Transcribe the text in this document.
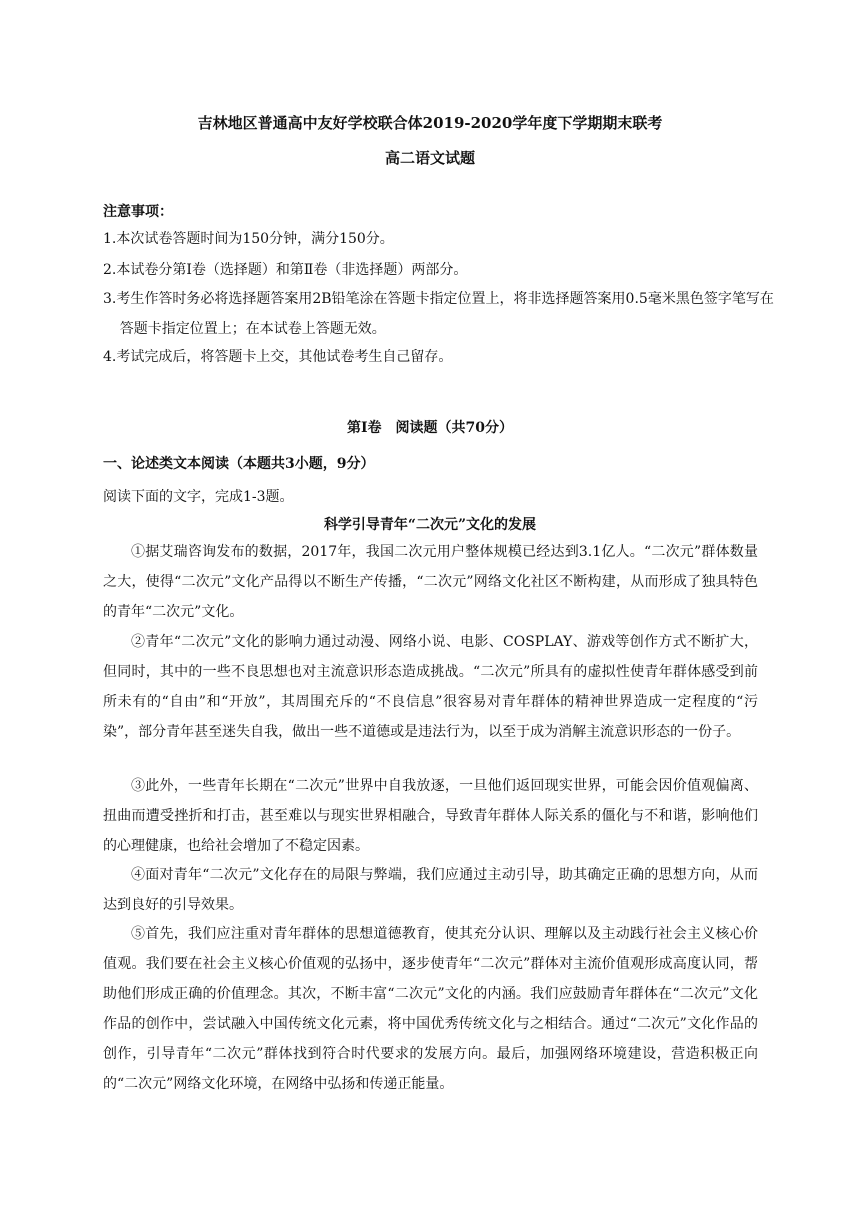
吉林地区普通高中友好学校联合体2019-2020学年度下学期期末联考
高二语文试题
注意事项：

1.本次试卷答题时间为150分钟，满分150分。

2.本试卷分第Ⅰ卷（选择题）和第Ⅱ卷（非选择题）两部分。

3.考生作答时务必将选择题答案用2B铅笔涂在答题卡指定位置上，将非选择题答案用0.5毫米黑色签字笔写在答题卡指定位置上；在本试卷上答题无效。

4.考试完成后，将答题卡上交，其他试卷考生自己留存。

第Ⅰ卷　阅读题（共70分）
一、论述类文本阅读（本题共3小题，9分）
阅读下面的文字，完成1-3题。
科学引导青年“二次元”文化的发展

①据艾瑞咨询发布的数据，2017年，我国二次元用户整体规模已经达到3.1亿人。“二次元”群体数量之大，使得“二次元”文化产品得以不断生产传播，“二次元”网络文化社区不断构建，从而形成了独具特色的青年“二次元”文化。

②青年“二次元”文化的影响力通过动漫、网络小说、电影、COSPLAY、游戏等创作方式不断扩大，但同时，其中的一些不良思想也对主流意识形态造成挑战。“二次元”所具有的虚拟性使青年群体感受到前所未有的“自由”和“开放”，其周围充斥的“不良信息”很容易对青年群体的精神世界造成一定程度的“污染”，部分青年甚至迷失自我，做出一些不道德或是违法行为，以至于成为消解主流意识形态的一份子。

③此外，一些青年长期在“二次元”世界中自我放逐，一旦他们返回现实世界，可能会因价值观偏离、扭曲而遭受挫折和打击，甚至难以与现实世界相融合，导致青年群体人际关系的僵化与不和谐，影响他们的心理健康，也给社会增加了不稳定因素。

④面对青年“二次元”文化存在的局限与弊端，我们应通过主动引导，助其确定正确的思想方向，从而达到良好的引导效果。

⑤首先，我们应注重对青年群体的思想道德教育，使其充分认识、理解以及主动践行社会主义核心价值观。我们要在社会主义核心价值观的弘扬中，逐步使青年“二次元”群体对主流价值观形成高度认同，帮助他们形成正确的价值理念。其次，不断丰富“二次元”文化的内涵。我们应鼓励青年群体在“二次元”文化作品的创作中，尝试融入中国传统文化元素，将中国优秀传统文化与之相结合。通过“二次元”文化作品的创作，引导青年“二次元”群体找到符合时代要求的发展方向。最后，加强网络环境建设，营造积极正向的“二次元”网络文化环境，在网络中弘扬和传递正能量。
